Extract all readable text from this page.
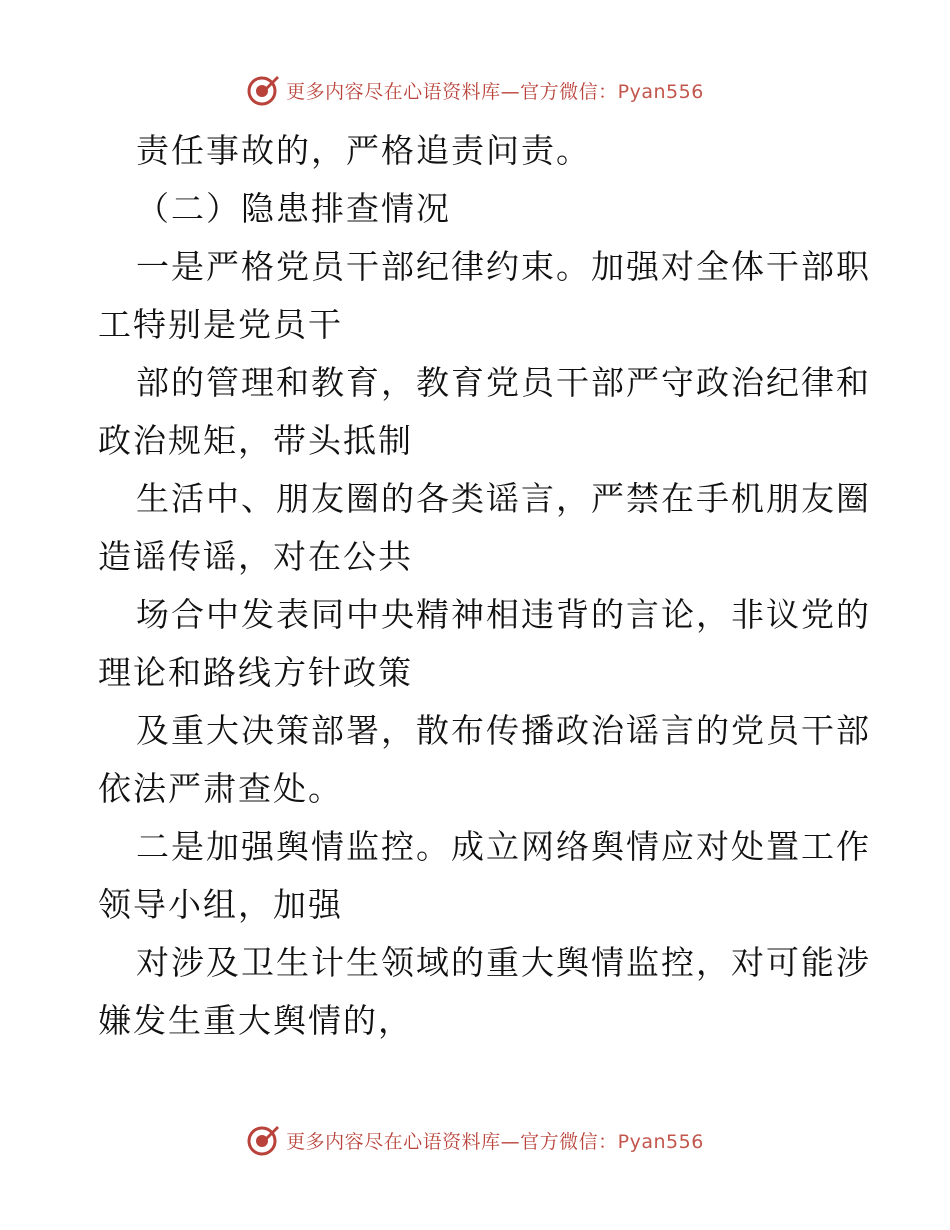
更多内容尽在心语资料库—官方微信：Pyan556
责任事故的，严格追责问责。
（二）隐患排查情况
一是严格党员干部纪律约束。加强对全体干部职
工特别是党员干
部的管理和教育，教育党员干部严守政治纪律和
政治规矩，带头抵制
生活中、朋友圈的各类谣言，严禁在手机朋友圈
造谣传谣，对在公共
场合中发表同中央精神相违背的言论，非议党的
理论和路线方针政策
及重大决策部署，散布传播政治谣言的党员干部
依法严肃查处。
二是加强舆情监控。成立网络舆情应对处置工作
领导小组，加强
对涉及卫生计生领域的重大舆情监控，对可能涉
嫌发生重大舆情的，
更多内容尽在心语资料库—官方微信：Pyan556
